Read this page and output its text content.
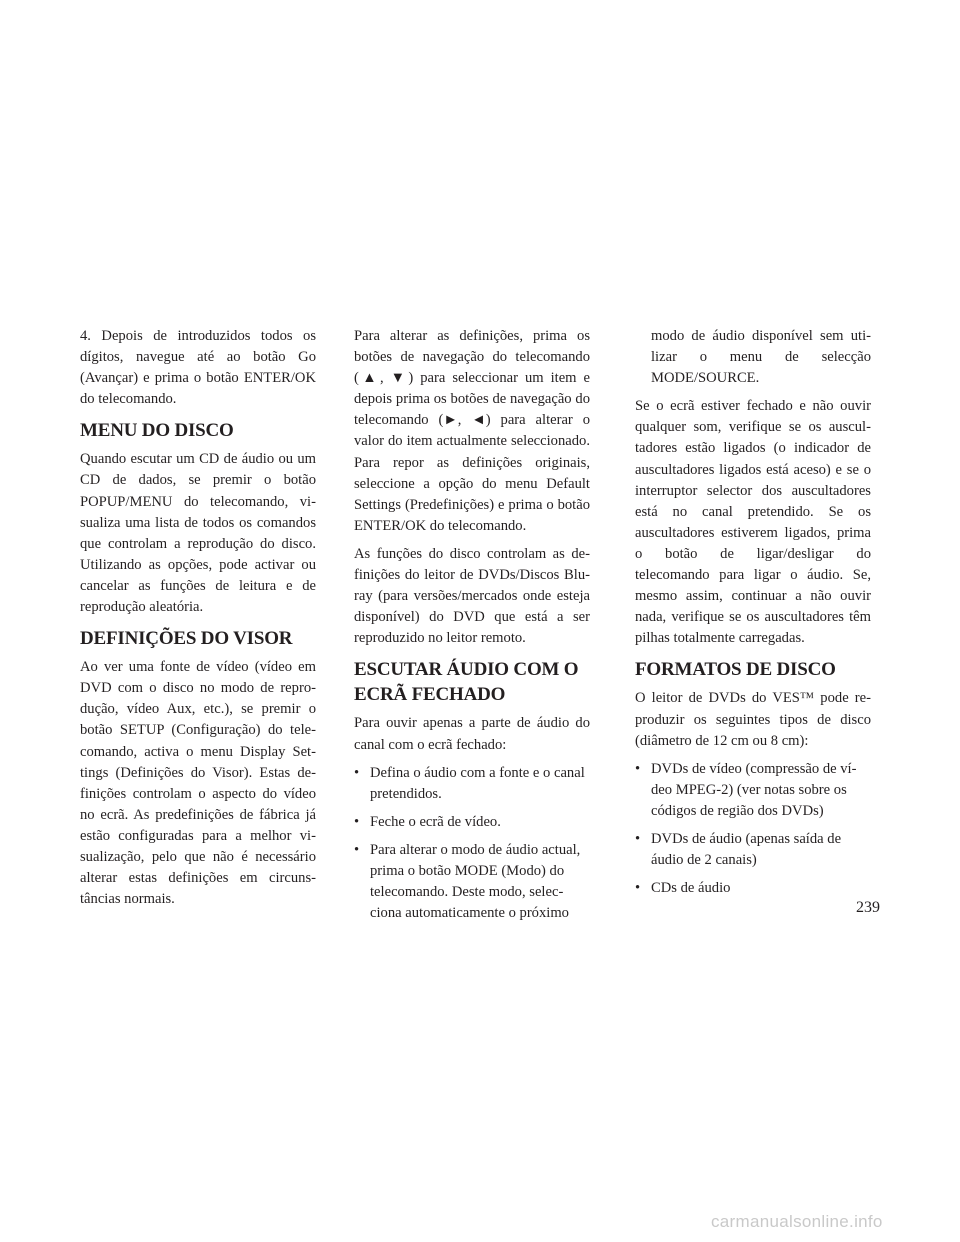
4. Depois de introduzidos todos os dígitos, navegue até ao botão Go (Avançar) e prima o botão ENTER/OK do telecomando.

MENU DO DISCO

Quando escutar um CD de áudio ou um CD de dados, se premir o botão POPUP/MENU do telecomando, visualiza uma lista de todos os comandos que controlam a reprodução do disco. Utilizando as opções, pode activar ou cancelar as funções de leitura e de reprodução aleatória.

DEFINIÇÕES DO VISOR

Ao ver uma fonte de vídeo (vídeo em DVD com o disco no modo de reprodução, vídeo Aux, etc.), se premir o botão SETUP (Configuração) do telecomando, activa o menu Display Settings (Definições do Visor). Estas definições controlam o aspecto do vídeo no ecrã. As predefinições de fábrica já estão configuradas para a melhor visualização, pelo que não é necessário alterar estas definições em circunstâncias normais.

Para alterar as definições, prima os botões de navegação do telecomando (▲, ▼) para seleccionar um item e depois prima os botões de navegação do telecomando (►, ◄) para alterar o valor do item actualmente seleccionado. Para repor as definições originais, seleccione a opção do menu Default Settings (Predefinições) e prima o botão ENTER/OK do telecomando.

As funções do disco controlam as definições do leitor de DVDs/Discos Blu-ray (para versões/mercados onde esteja disponível) do DVD que está a ser reproduzido no leitor remoto.

ESCUTAR ÁUDIO COM O ECRÃ FECHADO

Para ouvir apenas a parte de áudio do canal com o ecrã fechado:

• Defina o áudio com a fonte e o canal pretendidos.
• Feche o ecrã de vídeo.
• Para alterar o modo de áudio actual, prima o botão MODE (Modo) do telecomando. Deste modo, selecciona automaticamente o próximo

modo de áudio disponível sem utilizar o menu de selecção MODE/SOURCE.

Se o ecrã estiver fechado e não ouvir qualquer som, verifique se os auscultadores estão ligados (o indicador de auscultadores ligados está aceso) e se o interruptor selector dos auscultadores está no canal pretendido. Se os auscultadores estiverem ligados, prima o botão de ligar/desligar do telecomando para ligar o áudio. Se, mesmo assim, continuar a não ouvir nada, verifique se os auscultadores têm pilhas totalmente carregadas.

FORMATOS DE DISCO

O leitor de DVDs do VES™ pode reproduzir os seguintes tipos de disco (diâmetro de 12 cm ou 8 cm):

• DVDs de vídeo (compressão de vídeo MPEG-2) (ver notas sobre os códigos de região dos DVDs)
• DVDs de áudio (apenas saída de áudio de 2 canais)
• CDs de áudio
239
carmanualsonline.info
